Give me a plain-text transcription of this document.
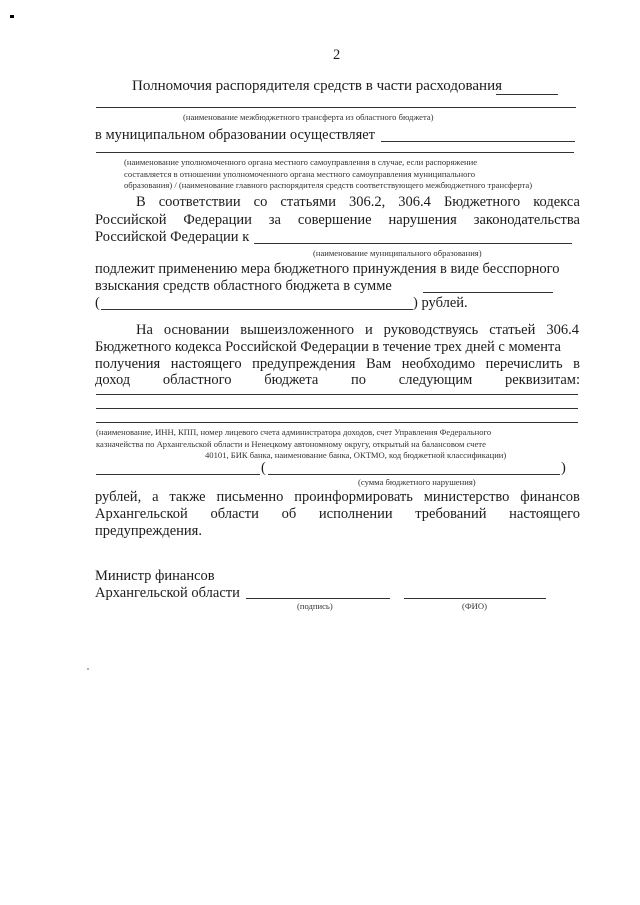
2
Полномочия распорядителя средств в части расходования
(наименование межбюджетного трансферта из областного бюджета)
в муниципальном образовании осуществляет
(наименование уполномоченного органа местного самоуправления в случае, если распоряжение
составляется в отношении уполномоченного органа местного самоуправления муниципального
образования) / (наименование главного распорядителя средств соответствующего межбюджетного трансферта)
В соответствии со статьями 306.2, 306.4 Бюджетного кодекса
Российской Федерации за совершение нарушения законодательства
Российской Федерации к
(наименование муниципального образования)
подлежит применению мера бюджетного принуждения в виде бесспорного
взыскания средств областного бюджета в сумме
(	) рублей.
На основании вышеизложенного и руководствуясь статьей 306.4
Бюджетного кодекса Российской Федерации в течение трех дней с момента
получения настоящего предупреждения Вам необходимо перечислить в
доход областного бюджета по следующим реквизитам:
(наименование, ИНН, КПП, номер лицевого счета администратора доходов, счет Управления Федерального
казначейства по Архангельской области и Ненецкому автономному округу, открытый на балансовом счете
40101, БИК банка, наименование банка, ОКТМО, код бюджетной классификации)
(	)
(сумма бюджетного нарушения)
рублей, а также письменно проинформировать министерство финансов
Архангельской области об исполнении требований настоящего
предупреждения.
Министр финансов
Архангельской области
(подпись)	(ФИО)
